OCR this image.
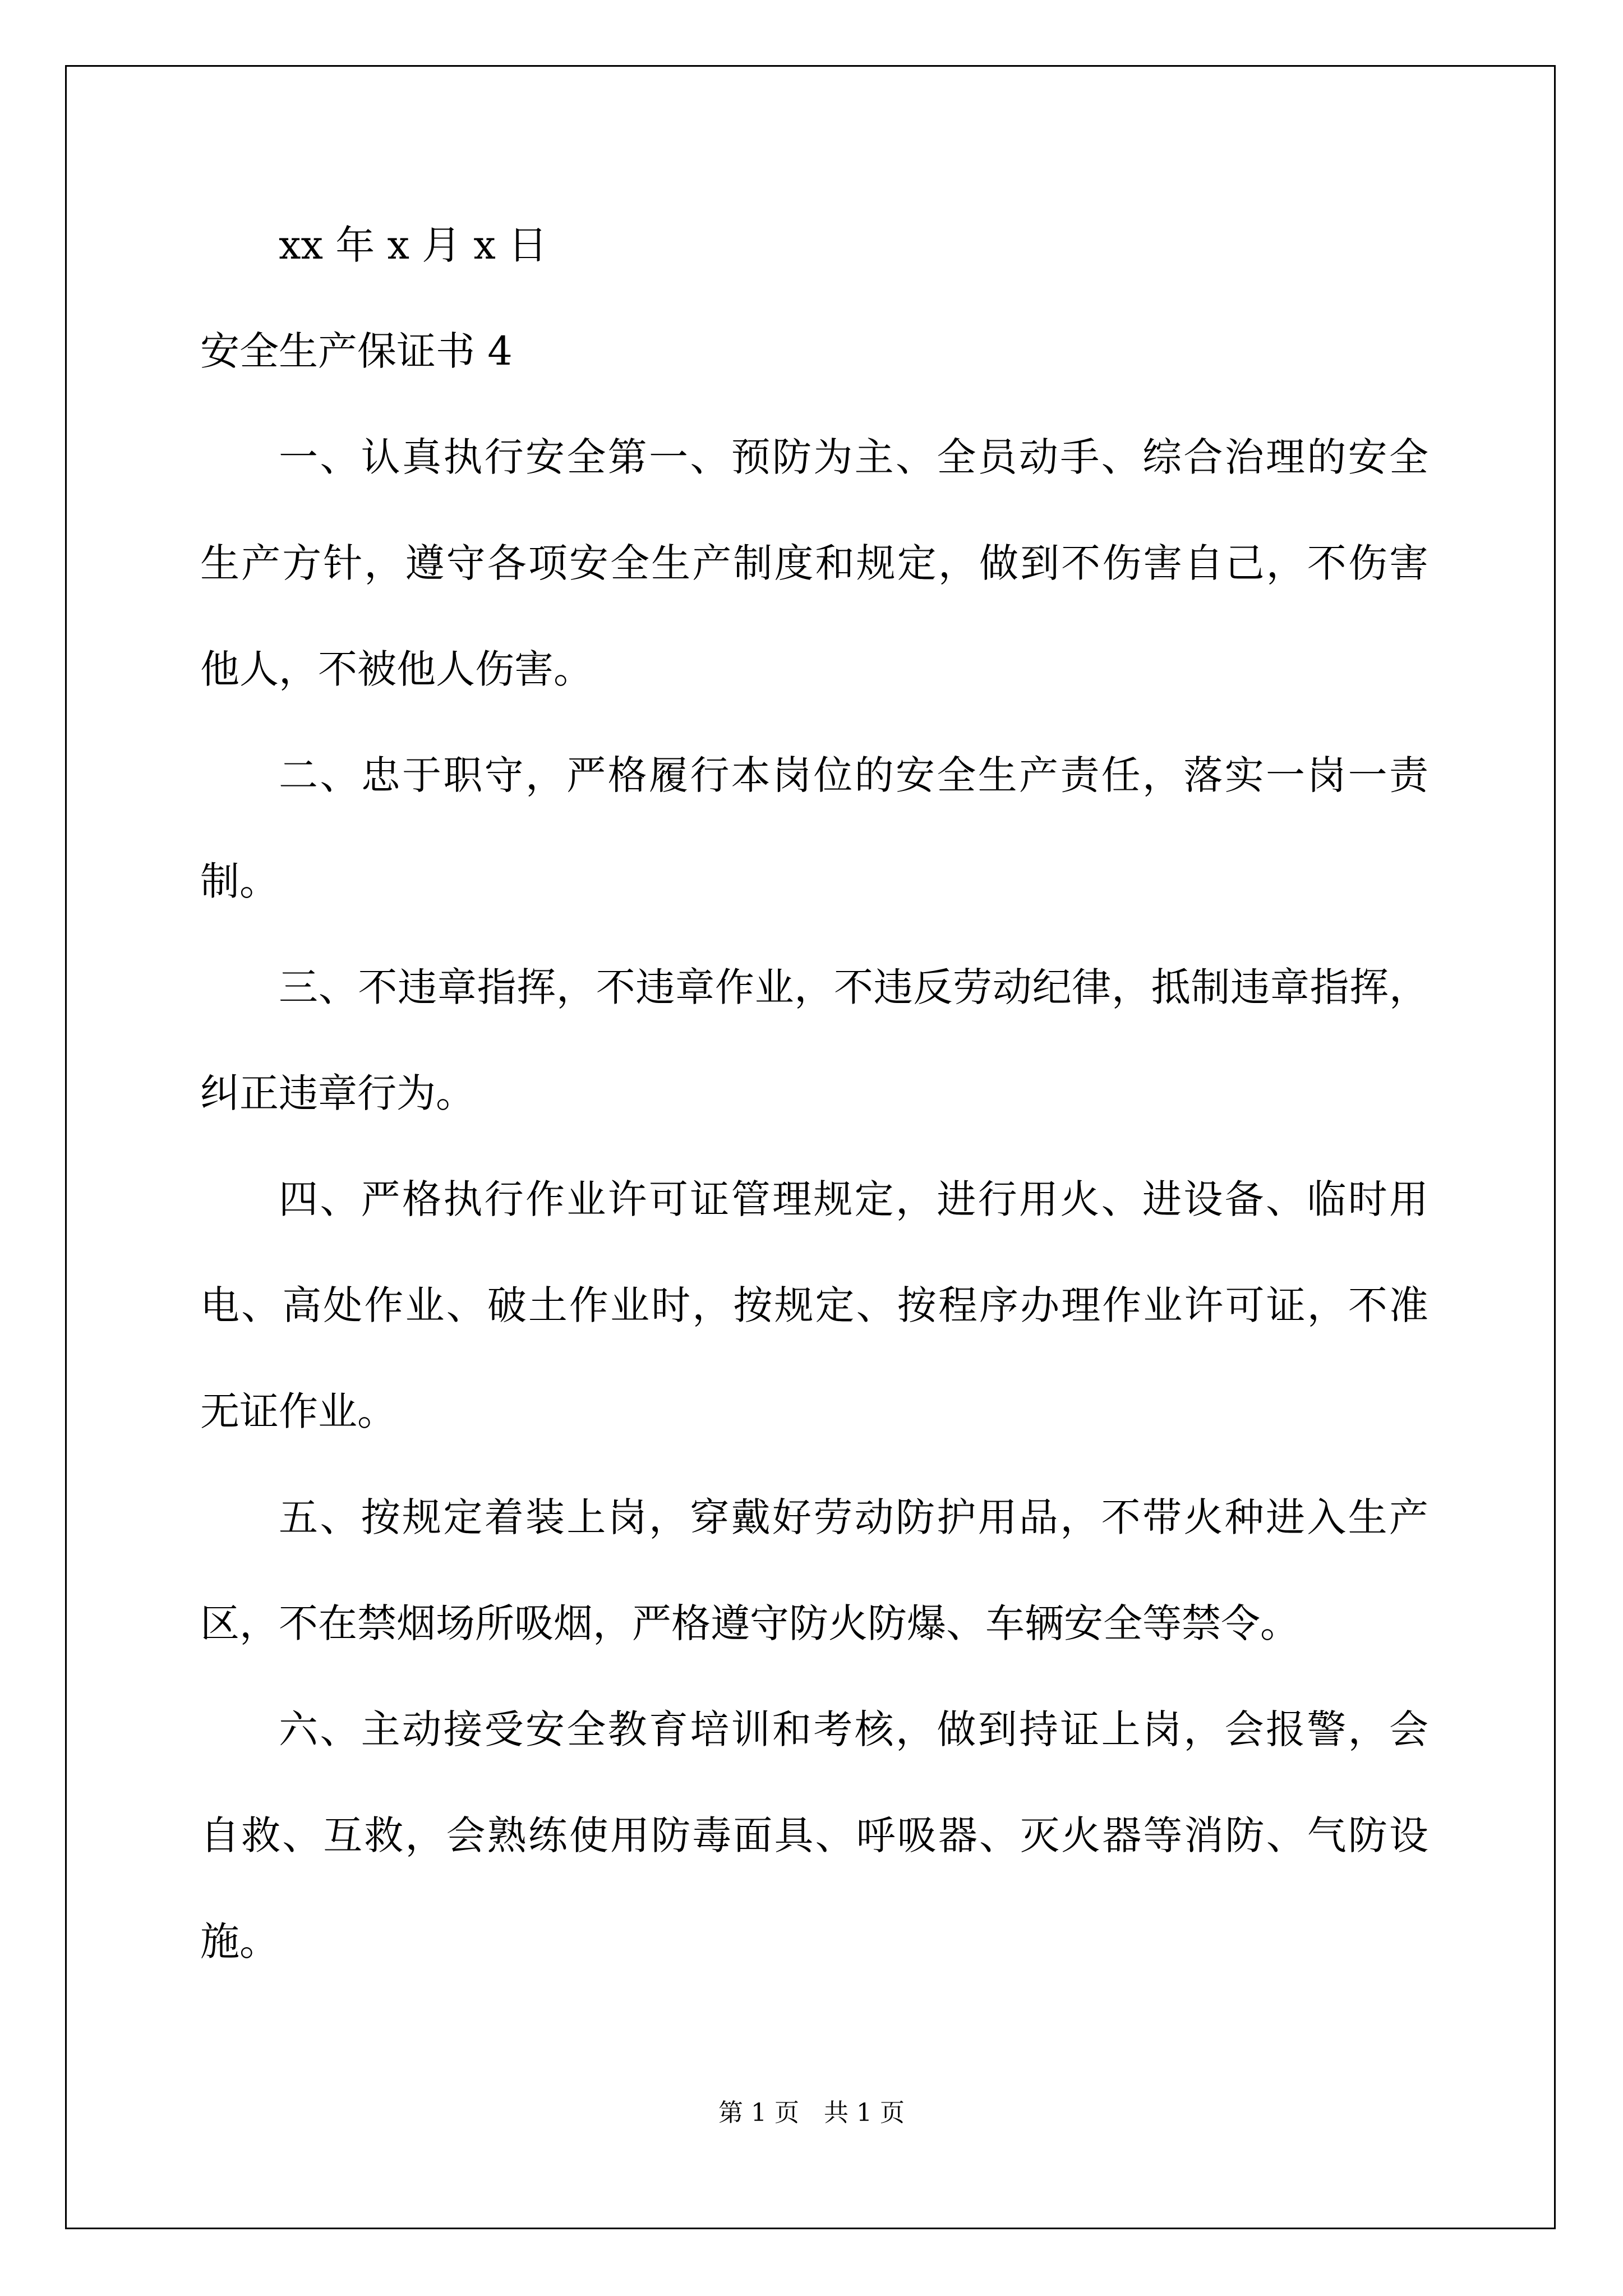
xx 年 x 月 x 日
安全生产保证书 4
一、认真执行安全第一、预防为主、全员动手、综合治理的安全
生产方针，遵守各项安全生产制度和规定，做到不伤害自己，不伤害
他人，不被他人伤害。
二、忠于职守，严格履行本岗位的安全生产责任，落实一岗一责
制。
三、不违章指挥，不违章作业，不违反劳动纪律，抵制违章指挥，
纠正违章行为。
四、严格执行作业许可证管理规定，进行用火、进设备、临时用
电、高处作业、破土作业时，按规定、按程序办理作业许可证，不准
无证作业。
五、按规定着装上岗，穿戴好劳动防护用品，不带火种进入生产
区，不在禁烟场所吸烟，严格遵守防火防爆、车辆安全等禁令。
六、主动接受安全教育培训和考核，做到持证上岗，会报警，会
自救、互救，会熟练使用防毒面具、呼吸器、灭火器等消防、气防设
施。
第 1 页 共 1 页
